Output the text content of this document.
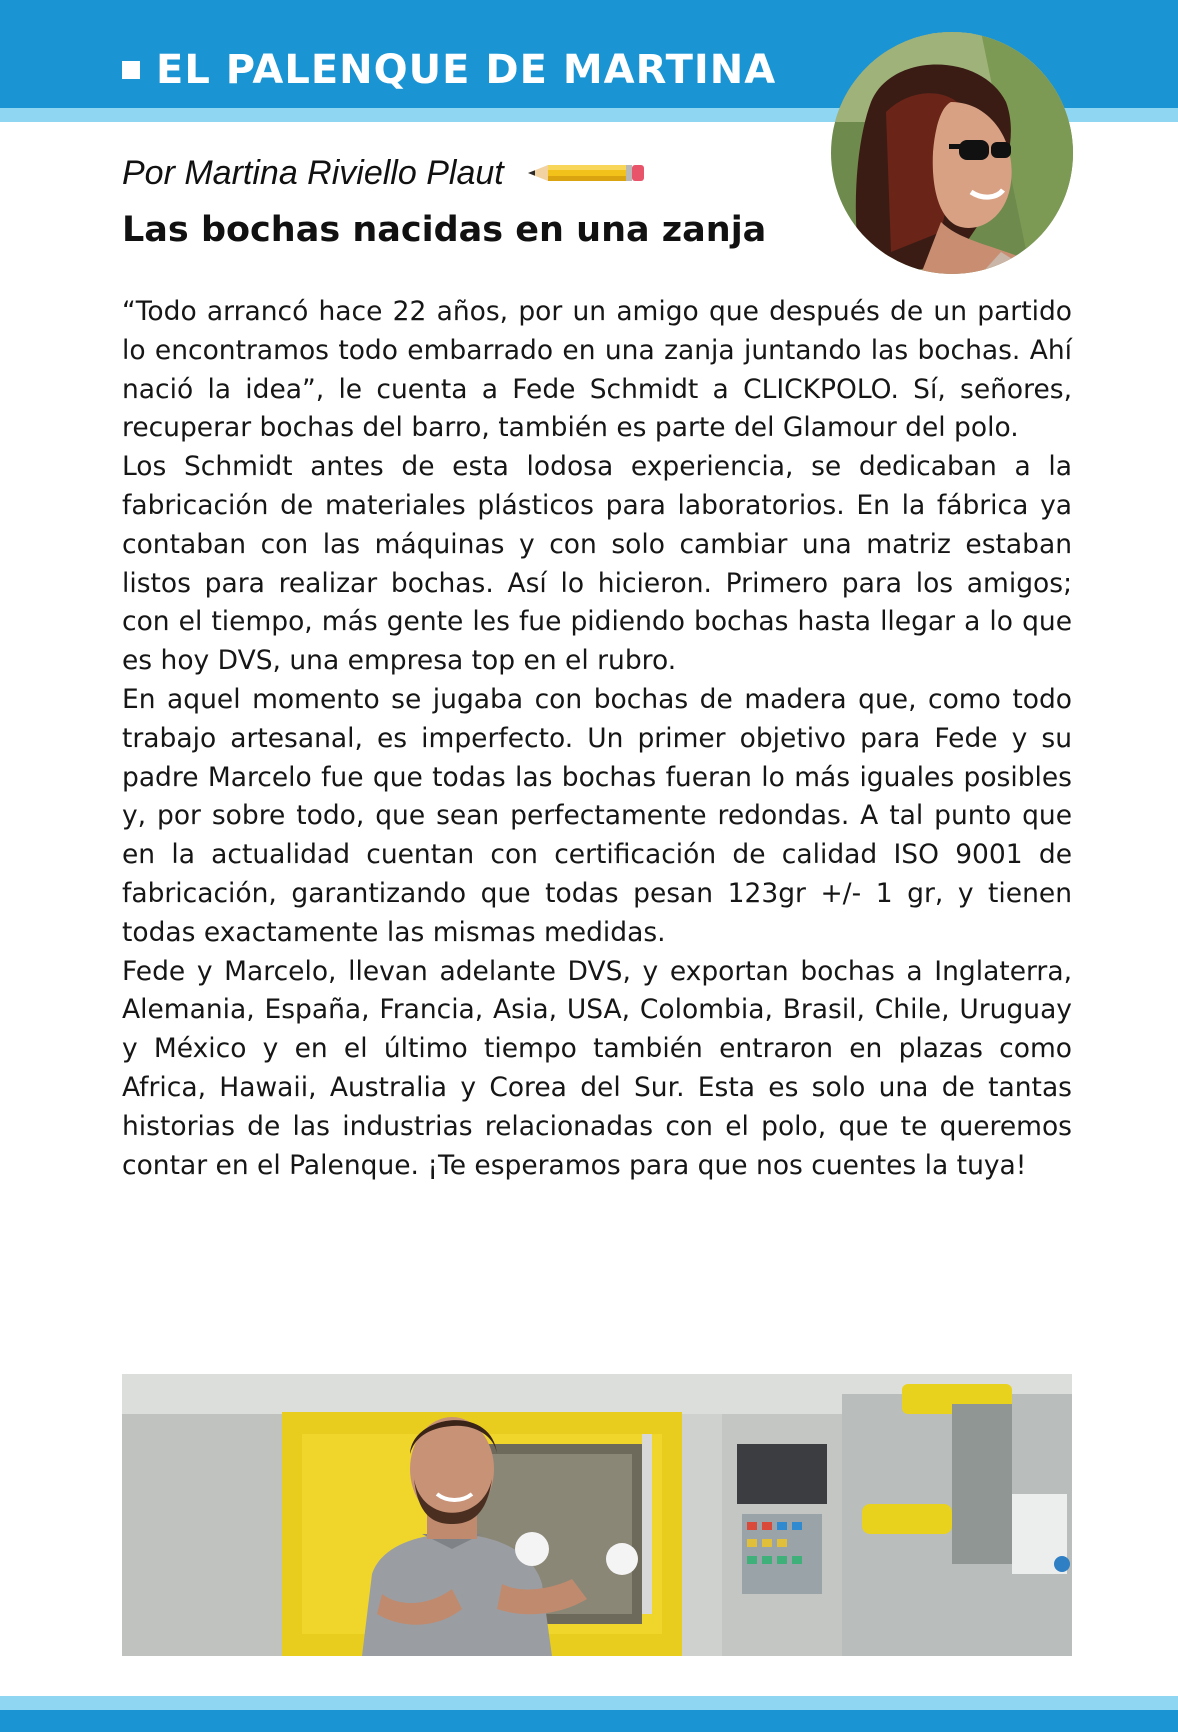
EL PALENQUE DE MARTINA
Por Martina Riviello Plaut
Las bochas nacidas en una zanja

“Todo arrancó hace 22 años, por un amigo que después de un partido lo encontramos todo embarrado en una zanja juntando las bochas. Ahí nació la idea”, le cuenta a Fede Schmidt a CLICKPOLO. Sí, señores, recuperar bochas del barro, también es parte del Glamour del polo.

Los Schmidt antes de esta lodosa experiencia, se dedicaban a la fabricación de materiales plásticos para laboratorios. En la fábrica ya contaban con las máquinas y con solo cambiar una matriz estaban listos para realizar bochas. Así lo hicieron. Primero para los amigos; con el tiempo, más gente les fue pidiendo bochas hasta llegar a lo que es hoy DVS, una empresa top en el rubro.

En aquel momento se jugaba con bochas de madera que, como todo trabajo artesanal, es imperfecto. Un primer objetivo para Fede y su padre Marcelo fue que todas las bochas fueran lo más iguales posibles y, por sobre todo, que sean perfectamente redondas. A tal punto que en la actualidad cuentan con certificación de calidad ISO 9001 de fabricación, garantizando que todas pesan 123gr +/- 1 gr, y tienen todas exactamente las mismas medidas.

Fede y Marcelo, llevan adelante DVS, y exportan bochas a Inglaterra, Alemania, España, Francia, Asia, USA, Colombia, Brasil, Chile, Uruguay y México y en el último tiempo también entraron en plazas como Africa, Hawaii, Australia y Corea del Sur. Esta es solo una de tantas historias de las industrias relacionadas con el polo, que te queremos contar en el Palenque. ¡Te esperamos para que nos cuentes la tuya!
